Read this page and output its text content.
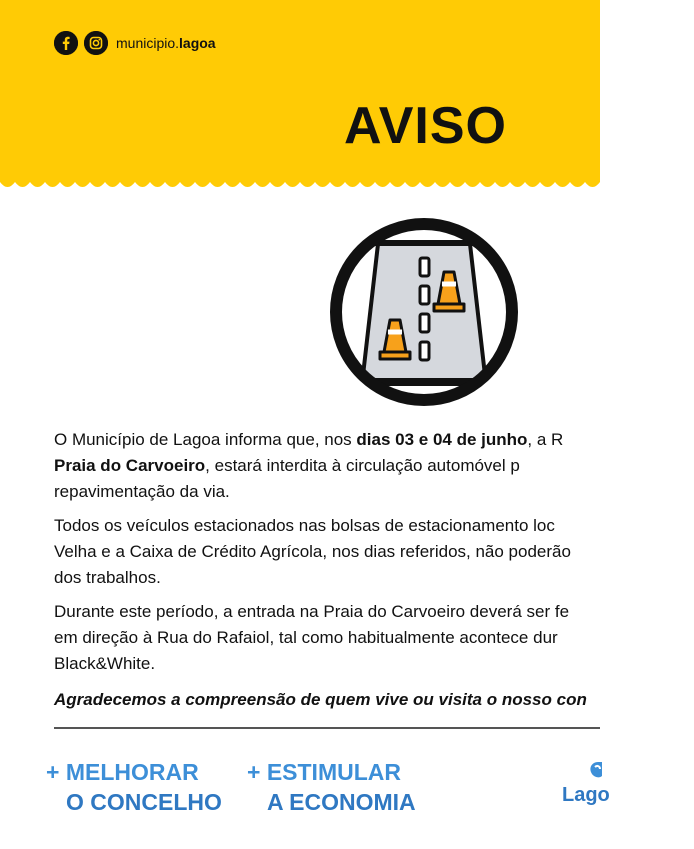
municipio.lagoa
AVISO

O Município de Lagoa informa que, nos dias 03 e 04 de junho, a R
Praia do Carvoeiro, estará interdita à circulação automóvel p
repavimentação da via.

Todos os veículos estacionados nas bolsas de estacionamento loc
Velha e a Caixa de Crédito Agrícola, nos dias referidos, não poderão
dos trabalhos.

Durante este período, a entrada na Praia do Carvoeiro deverá ser fe
em direção à Rua do Rafaiol, tal como habitualmente acontece dur
Black&White.

Agradecemos a compreensão de quem vive ou visita o nosso con
+ MELHORAR
O CONCELHO
+ ESTIMULAR
A ECONOMIA	Lago
